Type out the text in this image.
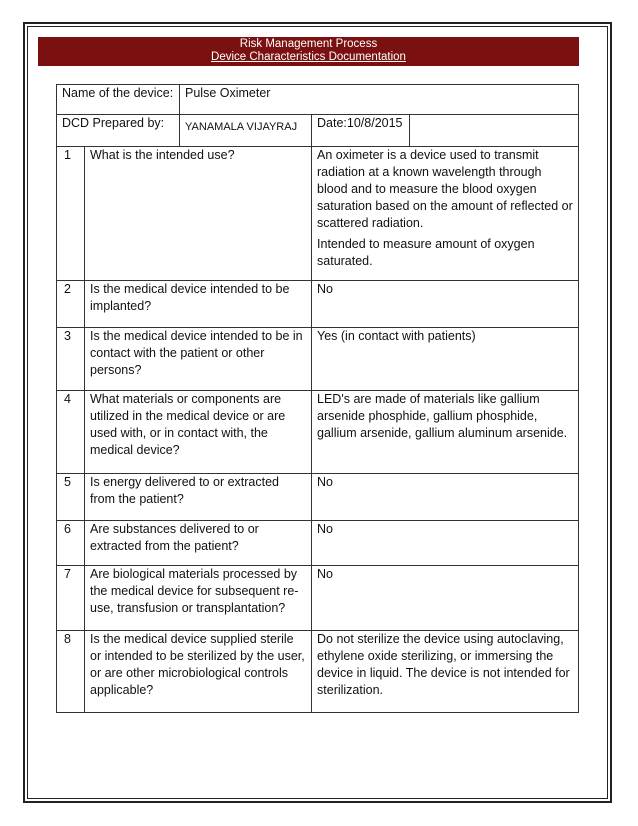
Risk Management Process
Device Characteristics Documentation
Name of the device:		Pulse Oximeter		
DCD Prepared by:		YANAMALA VIJAYRAJ	Date:10/8/2015	
1	What is the intended use?		An oximeter is a device used to transmit radiation at a known wavelength through blood and to measure the blood oxygen saturation based on the amount of reflected or scattered radiation.

Intended to measure amount of oxygen saturated.	

2	Is the medical device intended to be implanted?		No	
3	Is the medical device intended to be in contact with the patient or other persons?		Yes (in contact with patients)	
4	What materials or components are utilized in the medical device or are used with, or in contact with, the medical device?		LED's are made of materials like gallium arsenide phosphide, gallium phosphide, gallium arsenide, gallium aluminum arsenide.	
5	Is energy delivered to or extracted from the patient?		No	
6	Are substances delivered to or extracted from the patient?		No	
7	Are biological materials processed by the medical device for subsequent re-use, transfusion or transplantation?		No	
8	Is the medical device supplied sterile or intended to be sterilized by the user, or are other microbiological controls applicable?		Do not sterilize the device using autoclaving, ethylene oxide sterilizing, or immersing the device in liquid. The device is not intended for sterilization.	
